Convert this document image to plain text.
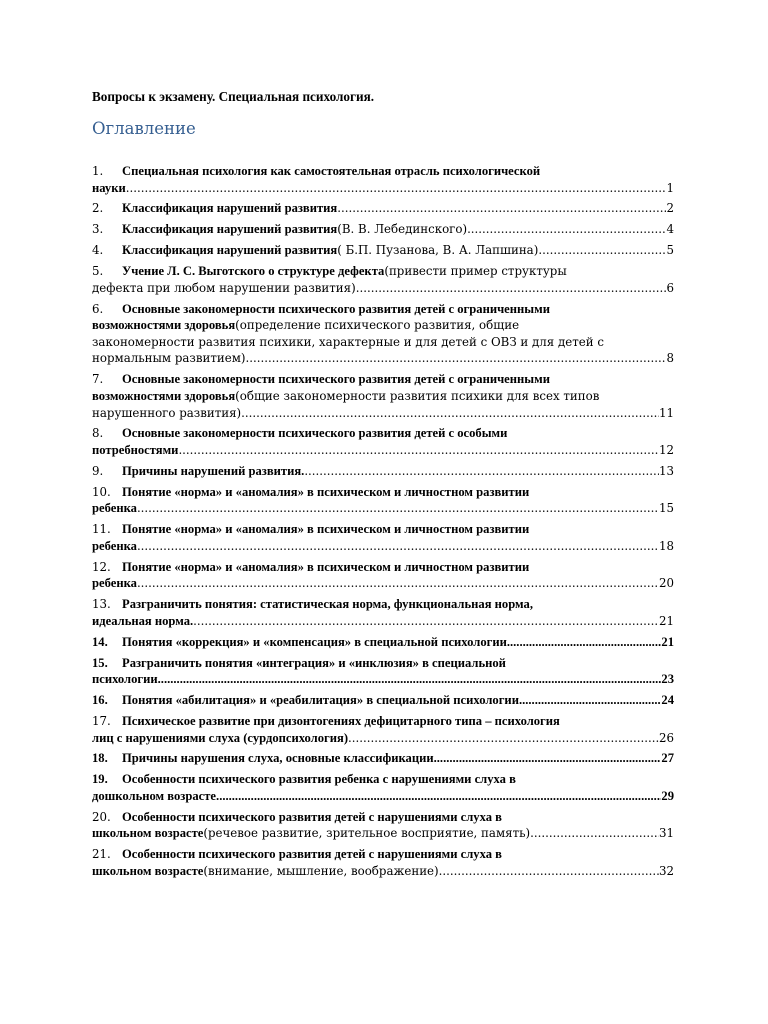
Вопросы к экзамену. Специальная психология.
Оглавление
1.	Специальная психология как самостоятельная отрасль психологической
науки .....	1
2.	Классификация нарушений развития .....	2
3.	Классификация нарушений развития (В. В. Лебединского) .....	4
4.	Классификация нарушений развития ( Б.П. Пузанова, В. А. Лапшина) .....	5
5.	Учение Л. С. Выготского о структуре дефекта (привести пример структуры
дефекта при любом нарушении развития) .....	6
6.	Основные закономерности психического развития детей с ограниченными
возможностями здоровья (определение психического развития, общие
закономерности развития психики, характерные и для детей с ОВЗ и для детей с
нормальным развитием) .....	8
7.	Основные закономерности психического развития детей с ограниченными
возможностями здоровья (общие закономерности развития психики для всех типов
нарушенного развития) .....	11
8.	Основные закономерности психического развития детей с особыми
потребностями .....	12
9.	Причины нарушений развития. .....	13
10. Понятие «норма» и «аномалия» в психическом и личностном развитии
ребенка .....	15
11. Понятие «норма» и «аномалия» в психическом и личностном развитии
ребенка .....	18
12. Понятие «норма» и «аномалия» в психическом и личностном развитии
ребенка .....	20
13. Разграничить понятия: статистическая норма, функциональная норма,
идеальная норма. .....	21
14.	Понятия «коррекция» и «компенсация» в специальной психологии. .....	21
15.	Разграничить понятия «интеграция» и «инклюзия» в специальной
психологии. .....	23
16.	Понятия «абилитация» и «реабилитация» в специальной психологии. .....	24
17. Психическое развитие при дизонтогениях дефицитарного типа – психология
лиц с нарушениями слуха (сурдопсихология) .....	26
18.	Причины нарушения слуха, основные классификации. .....	27
19.	Особенности психического развития ребенка с нарушениями слуха в
дошкольном возрасте. .....	29
20. Особенности психического развития детей с нарушениями слуха в
школьном возрасте (речевое развитие, зрительное восприятие, память) .....	31
21. Особенности психического развития детей с нарушениями слуха в
школьном возрасте (внимание, мышление, воображение) .....	32
